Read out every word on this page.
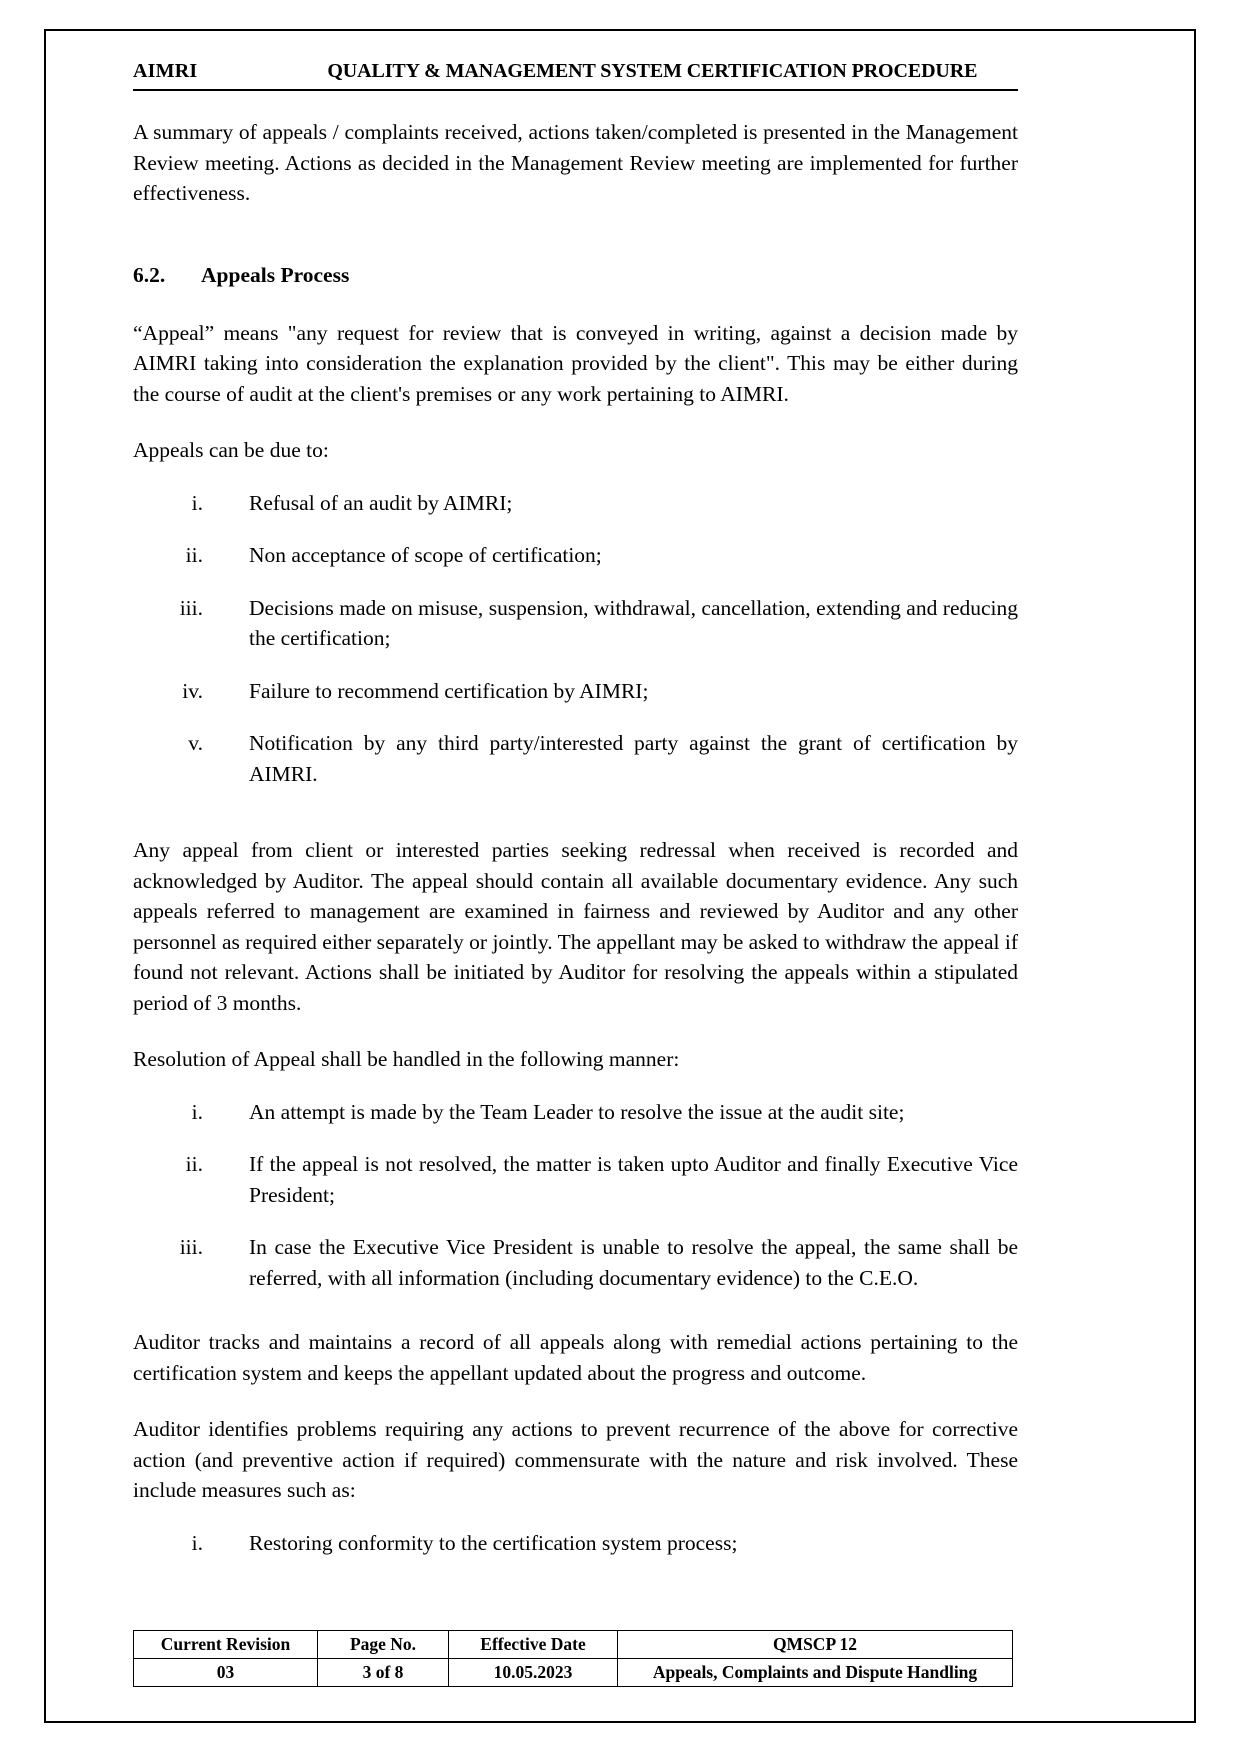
AIMRI	QUALITY & MANAGEMENT SYSTEM CERTIFICATION PROCEDURE

A summary of appeals / complaints received, actions taken/completed is presented in the Management Review meeting. Actions as decided in the Management Review meeting are implemented for further effectiveness.

6.2.	Appeals Process

“Appeal” means "any request for review that is conveyed in writing, against a decision made by AIMRI taking into consideration the explanation provided by the client". This may be either during the course of audit at the client's premises or any work pertaining to AIMRI.

Appeals can be due to:

i.	Refusal of an audit by AIMRI;
ii.	Non acceptance of scope of certification;
iii.	Decisions made on misuse, suspension, withdrawal, cancellation, extending and reducing the certification;
iv.	Failure to recommend certification by AIMRI;
v.	Notification by any third party/interested party against the grant of certification by AIMRI.

Any appeal from client or interested parties seeking redressal when received is recorded and acknowledged by Auditor. The appeal should contain all available documentary evidence. Any such appeals referred to management are examined in fairness and reviewed by Auditor and any other personnel as required either separately or jointly. The appellant may be asked to withdraw the appeal if found not relevant. Actions shall be initiated by Auditor for resolving the appeals within a stipulated period of 3 months.

Resolution of Appeal shall be handled in the following manner:

i.	An attempt is made by the Team Leader to resolve the issue at the audit site;
ii.	If the appeal is not resolved, the matter is taken upto Auditor and finally Executive Vice President;
iii.	In case the Executive Vice President is unable to resolve the appeal, the same shall be referred, with all information (including documentary evidence) to the C.E.O.

Auditor tracks and maintains a record of all appeals along with remedial actions pertaining to the certification system and keeps the appellant updated about the progress and outcome.

Auditor identifies problems requiring any actions to prevent recurrence of the above for corrective action (and preventive action if required) commensurate with the nature and risk involved. These include measures such as:

i.	Restoring conformity to the certification system process;
Current Revision	Page No.	Effective Date	QMSCP 12
03	3 of 8	10.05.2023	Appeals, Complaints and Dispute Handling
